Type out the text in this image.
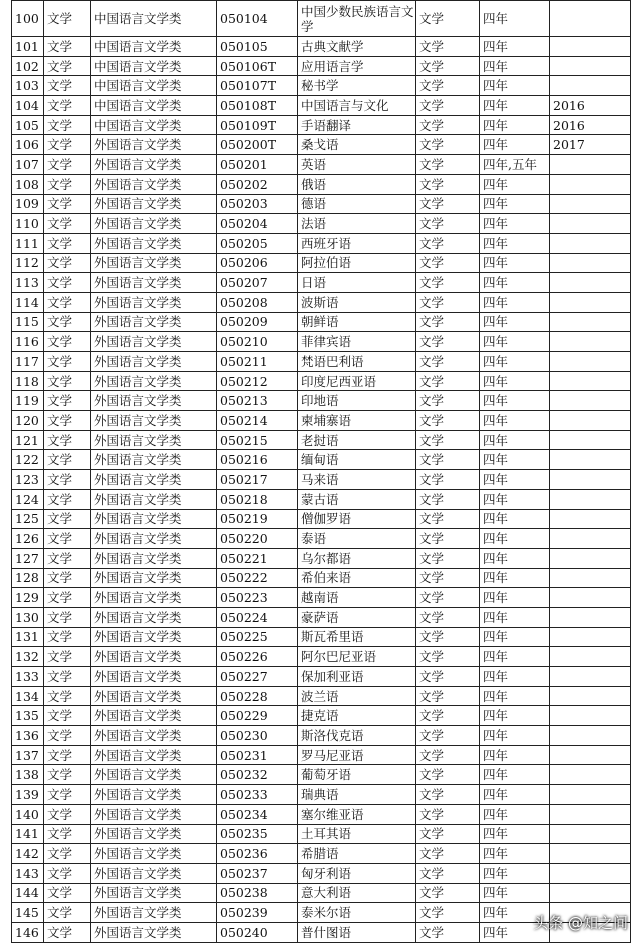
100	文学	中国语言文学类	050104	中国少数民族语言文学	文学	四年	
101	文学	中国语言文学类	050105	古典文献学	文学	四年	
102	文学	中国语言文学类	050106T	应用语言学	文学	四年	
103	文学	中国语言文学类	050107T	秘书学	文学	四年	
104	文学	中国语言文学类	050108T	中国语言与文化	文学	四年	2016
105	文学	中国语言文学类	050109T	手语翻译	文学	四年	2016
106	文学	外国语言文学类	050200T	桑戈语	文学	四年	2017
107	文学	外国语言文学类	050201	英语	文学	四年,五年	
108	文学	外国语言文学类	050202	俄语	文学	四年	
109	文学	外国语言文学类	050203	德语	文学	四年	
110	文学	外国语言文学类	050204	法语	文学	四年	
111	文学	外国语言文学类	050205	西班牙语	文学	四年	
112	文学	外国语言文学类	050206	阿拉伯语	文学	四年	
113	文学	外国语言文学类	050207	日语	文学	四年	
114	文学	外国语言文学类	050208	波斯语	文学	四年	
115	文学	外国语言文学类	050209	朝鲜语	文学	四年	
116	文学	外国语言文学类	050210	菲律宾语	文学	四年	
117	文学	外国语言文学类	050211	梵语巴利语	文学	四年	
118	文学	外国语言文学类	050212	印度尼西亚语	文学	四年	
119	文学	外国语言文学类	050213	印地语	文学	四年	
120	文学	外国语言文学类	050214	柬埔寨语	文学	四年	
121	文学	外国语言文学类	050215	老挝语	文学	四年	
122	文学	外国语言文学类	050216	缅甸语	文学	四年	
123	文学	外国语言文学类	050217	马来语	文学	四年	
124	文学	外国语言文学类	050218	蒙古语	文学	四年	
125	文学	外国语言文学类	050219	僧伽罗语	文学	四年	
126	文学	外国语言文学类	050220	泰语	文学	四年	
127	文学	外国语言文学类	050221	乌尔都语	文学	四年	
128	文学	外国语言文学类	050222	希伯来语	文学	四年	
129	文学	外国语言文学类	050223	越南语	文学	四年	
130	文学	外国语言文学类	050224	豪萨语	文学	四年	
131	文学	外国语言文学类	050225	斯瓦希里语	文学	四年	
132	文学	外国语言文学类	050226	阿尔巴尼亚语	文学	四年	
133	文学	外国语言文学类	050227	保加利亚语	文学	四年	
134	文学	外国语言文学类	050228	波兰语	文学	四年	
135	文学	外国语言文学类	050229	捷克语	文学	四年	
136	文学	外国语言文学类	050230	斯洛伐克语	文学	四年	
137	文学	外国语言文学类	050231	罗马尼亚语	文学	四年	
138	文学	外国语言文学类	050232	葡萄牙语	文学	四年	
139	文学	外国语言文学类	050233	瑞典语	文学	四年	
140	文学	外国语言文学类	050234	塞尔维亚语	文学	四年	
141	文学	外国语言文学类	050235	土耳其语	文学	四年	
142	文学	外国语言文学类	050236	希腊语	文学	四年	
143	文学	外国语言文学类	050237	匈牙利语	文学	四年	
144	文学	外国语言文学类	050238	意大利语	文学	四年	
145	文学	外国语言文学类	050239	泰米尔语	文学	四年	
146	文学	外国语言文学类	050240	普什图语	文学	四年	
头条 @知之间
